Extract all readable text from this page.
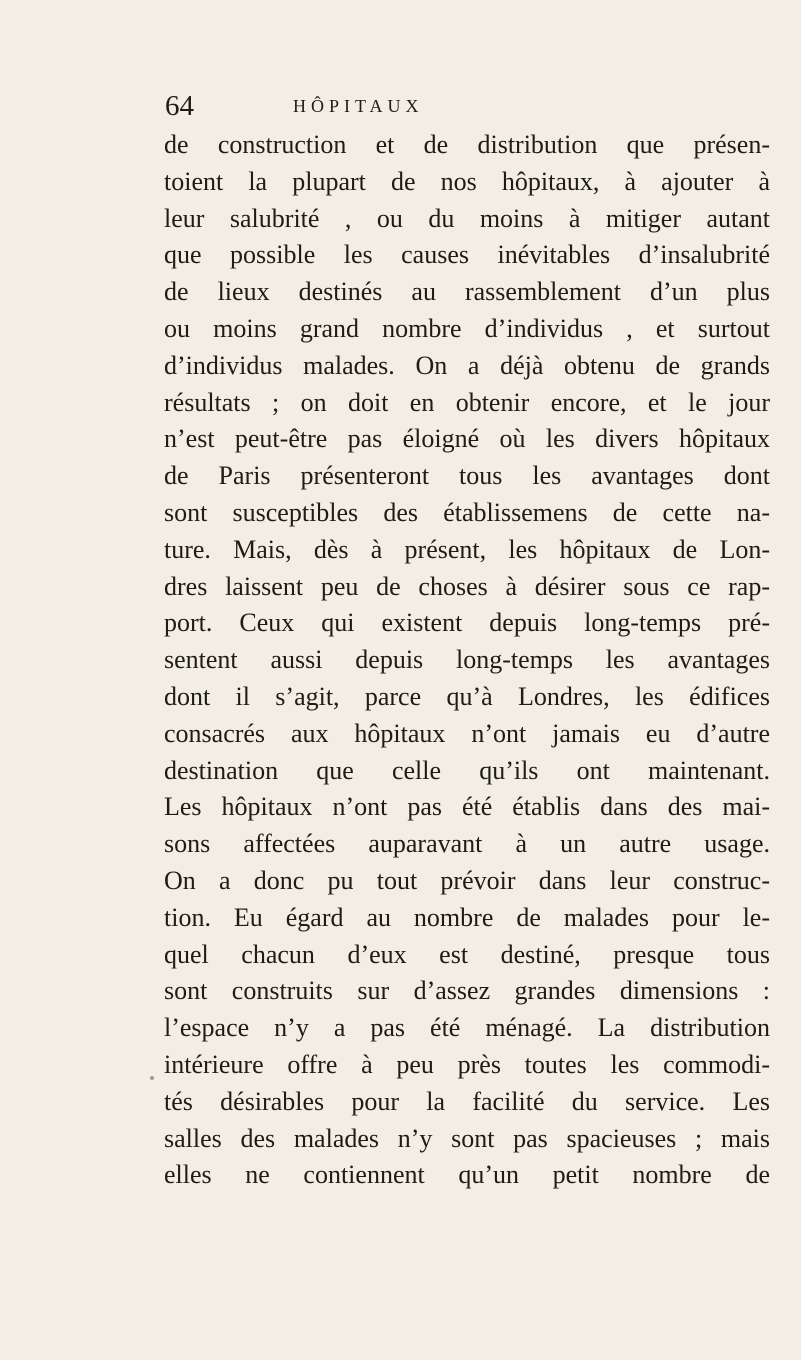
64	HÔPITAUX
de construction et de distribution que présen-
toient la plupart de nos hôpitaux, à ajouter à
leur salubrité , ou du moins à mitiger autant
que possible les causes inévitables d’insalubrité
de lieux destinés au rassemblement d’un plus
ou moins grand nombre d’individus , et surtout
d’individus malades. On a déjà obtenu de grands
résultats ; on doit en obtenir encore, et le jour
n’est peut-être pas éloigné où les divers hôpitaux
de Paris présenteront tous les avantages dont
sont susceptibles des établissemens de cette na-
ture. Mais, dès à présent, les hôpitaux de Lon-
dres laissent peu de choses à désirer sous ce rap-
port. Ceux qui existent depuis long-temps pré-
sentent aussi depuis long-temps les avantages
dont il s’agit, parce qu’à Londres, les édifices
consacrés aux hôpitaux n’ont jamais eu d’autre
destination que celle qu’ils ont maintenant.
Les hôpitaux n’ont pas été établis dans des mai-
sons affectées auparavant à un autre usage.
On a donc pu tout prévoir dans leur construc-
tion. Eu égard au nombre de malades pour le-
quel chacun d’eux est destiné, presque tous
sont construits sur d’assez grandes dimensions :
l’espace n’y a pas été ménagé. La distribution
intérieure offre à peu près toutes les commodi-
tés désirables pour la facilité du service. Les
salles des malades n’y sont pas spacieuses ; mais
elles ne contiennent qu’un petit nombre de
